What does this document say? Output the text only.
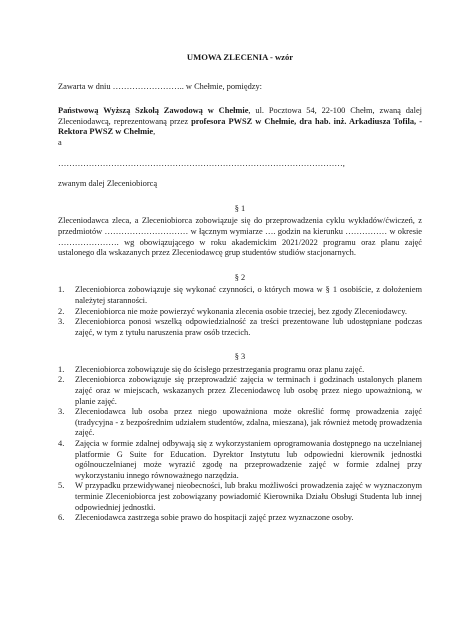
UMOWA ZLECENIA - wzór

Zawarta w dniu …………………….. w Chełmie, pomiędzy:

Państwową Wyższą Szkołą Zawodową w Chełmie, ul. Pocztowa 54, 22-100 Chełm, zwaną dalej Zleceniodawcą, reprezentowaną przez profesora PWSZ w Chełmie, dra hab. inż. Arkadiusza Tofila, - Rektora PWSZ w Chełmie,

a

…………………………………………………………………………………………,

zwanym dalej Zleceniobiorcą

§ 1

Zleceniodawca zleca, a Zleceniobiorca zobowiązuje się do przeprowadzenia cyklu wykładów/ćwiczeń, z przedmiotów ………………………… w łącznym wymiarze …. godzin na kierunku …………… w okresie …………………. wg obowiązującego w roku akademickim 2021/2022 programu oraz planu zajęć ustalonego dla wskazanych przez Zleceniodawcę grup studentów studiów stacjonarnych.

§ 2

1.	Zleceniobiorca zobowiązuje się wykonać czynności, o których mowa w § 1 osobiście, z dołożeniem należytej staranności.
2.	Zleceniobiorca nie może powierzyć wykonania zlecenia osobie trzeciej, bez zgody Zleceniodawcy.
3.	Zleceniobiorca ponosi wszelką odpowiedzialność za treści prezentowane lub udostępniane podczas zajęć, w tym z tytułu naruszenia praw osób trzecich.

§ 3

1.	Zleceniobiorca zobowiązuje się do ścisłego przestrzegania programu oraz planu zajęć.
2.	Zleceniobiorca zobowiązuje się przeprowadzić zajęcia w terminach i godzinach ustalonych planem zajęć oraz w miejscach, wskazanych przez Zleceniodawcę lub osobę przez niego upoważnioną, w planie zajęć.
3.	Zleceniodawca lub osoba przez niego upoważniona może określić formę prowadzenia zajęć (tradycyjna - z bezpośrednim udziałem studentów, zdalna, mieszana), jak również metodę prowadzenia zajęć.
4.	Zajęcia w formie zdalnej odbywają się z wykorzystaniem oprogramowania dostępnego na uczelnianej platformie G Suite for Education. Dyrektor Instytutu lub odpowiedni kierownik jednostki ogólnouczelnianej może wyrazić zgodę na przeprowadzenie zajęć w formie zdalnej przy wykorzystaniu innego równoważnego narzędzia.
5.	W przypadku przewidywanej nieobecności, lub braku możliwości prowadzenia zajęć w wyznaczonym terminie Zleceniobiorca jest zobowiązany powiadomić Kierownika Działu Obsługi Studenta lub innej odpowiedniej jednostki.
6.	Zleceniodawca zastrzega sobie prawo do hospitacji zajęć przez wyznaczone osoby.
